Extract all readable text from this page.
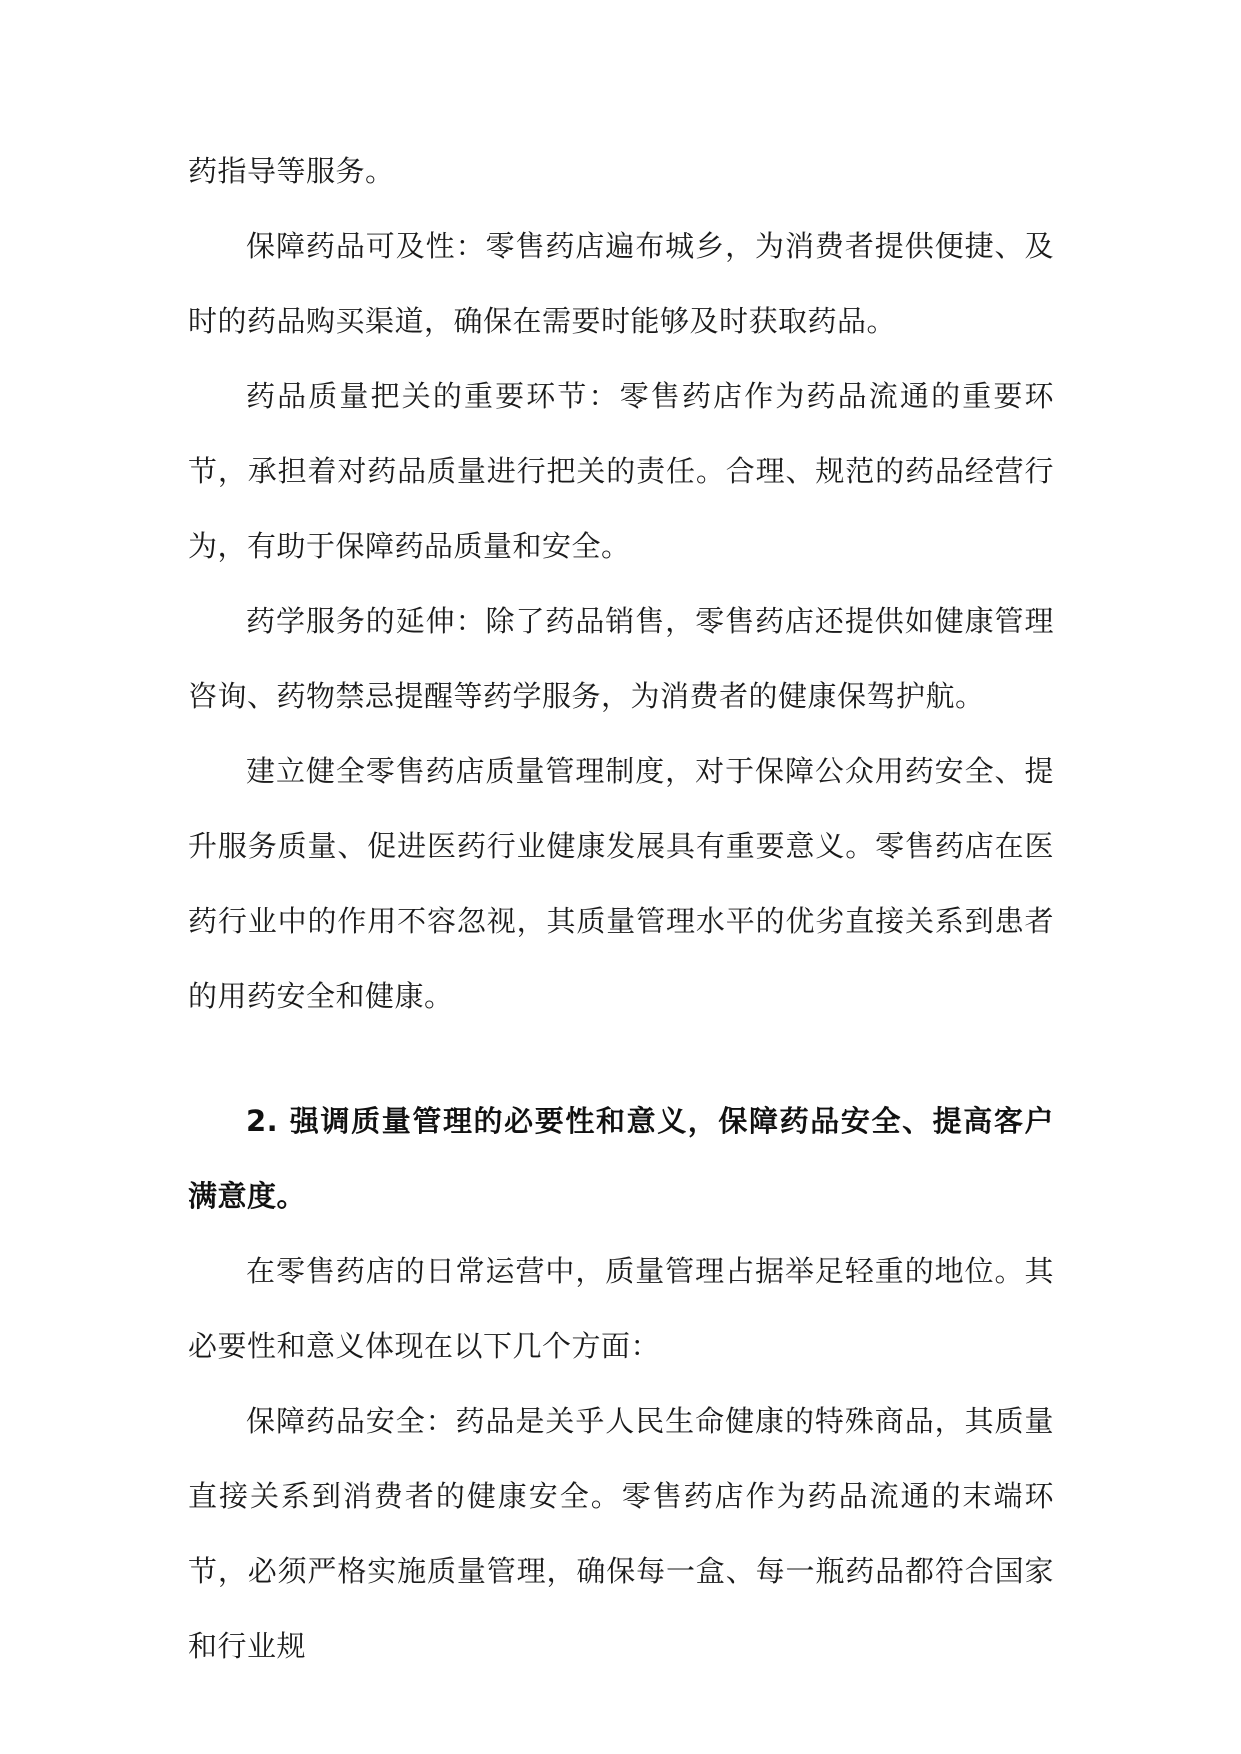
药指导等服务。

保障药品可及性：零售药店遍布城乡，为消费者提供便捷、及时的药品购买渠道，确保在需要时能够及时获取药品。

药品质量把关的重要环节：零售药店作为药品流通的重要环节，承担着对药品质量进行把关的责任。合理、规范的药品经营行为，有助于保障药品质量和安全。

药学服务的延伸：除了药品销售，零售药店还提供如健康管理咨询、药物禁忌提醒等药学服务，为消费者的健康保驾护航。

建立健全零售药店质量管理制度，对于保障公众用药安全、提升服务质量、促进医药行业健康发展具有重要意义。零售药店在医药行业中的作用不容忽视，其质量管理水平的优劣直接关系到患者的用药安全和健康。

2. 强调质量管理的必要性和意义，保障药品安全、提高客户满意度。

在零售药店的日常运营中，质量管理占据举足轻重的地位。其必要性和意义体现在以下几个方面：

保障药品安全：药品是关乎人民生命健康的特殊商品，其质量直接关系到消费者的健康安全。零售药店作为药品流通的末端环节，必须严格实施质量管理，确保每一盒、每一瓶药品都符合国家和行业规
